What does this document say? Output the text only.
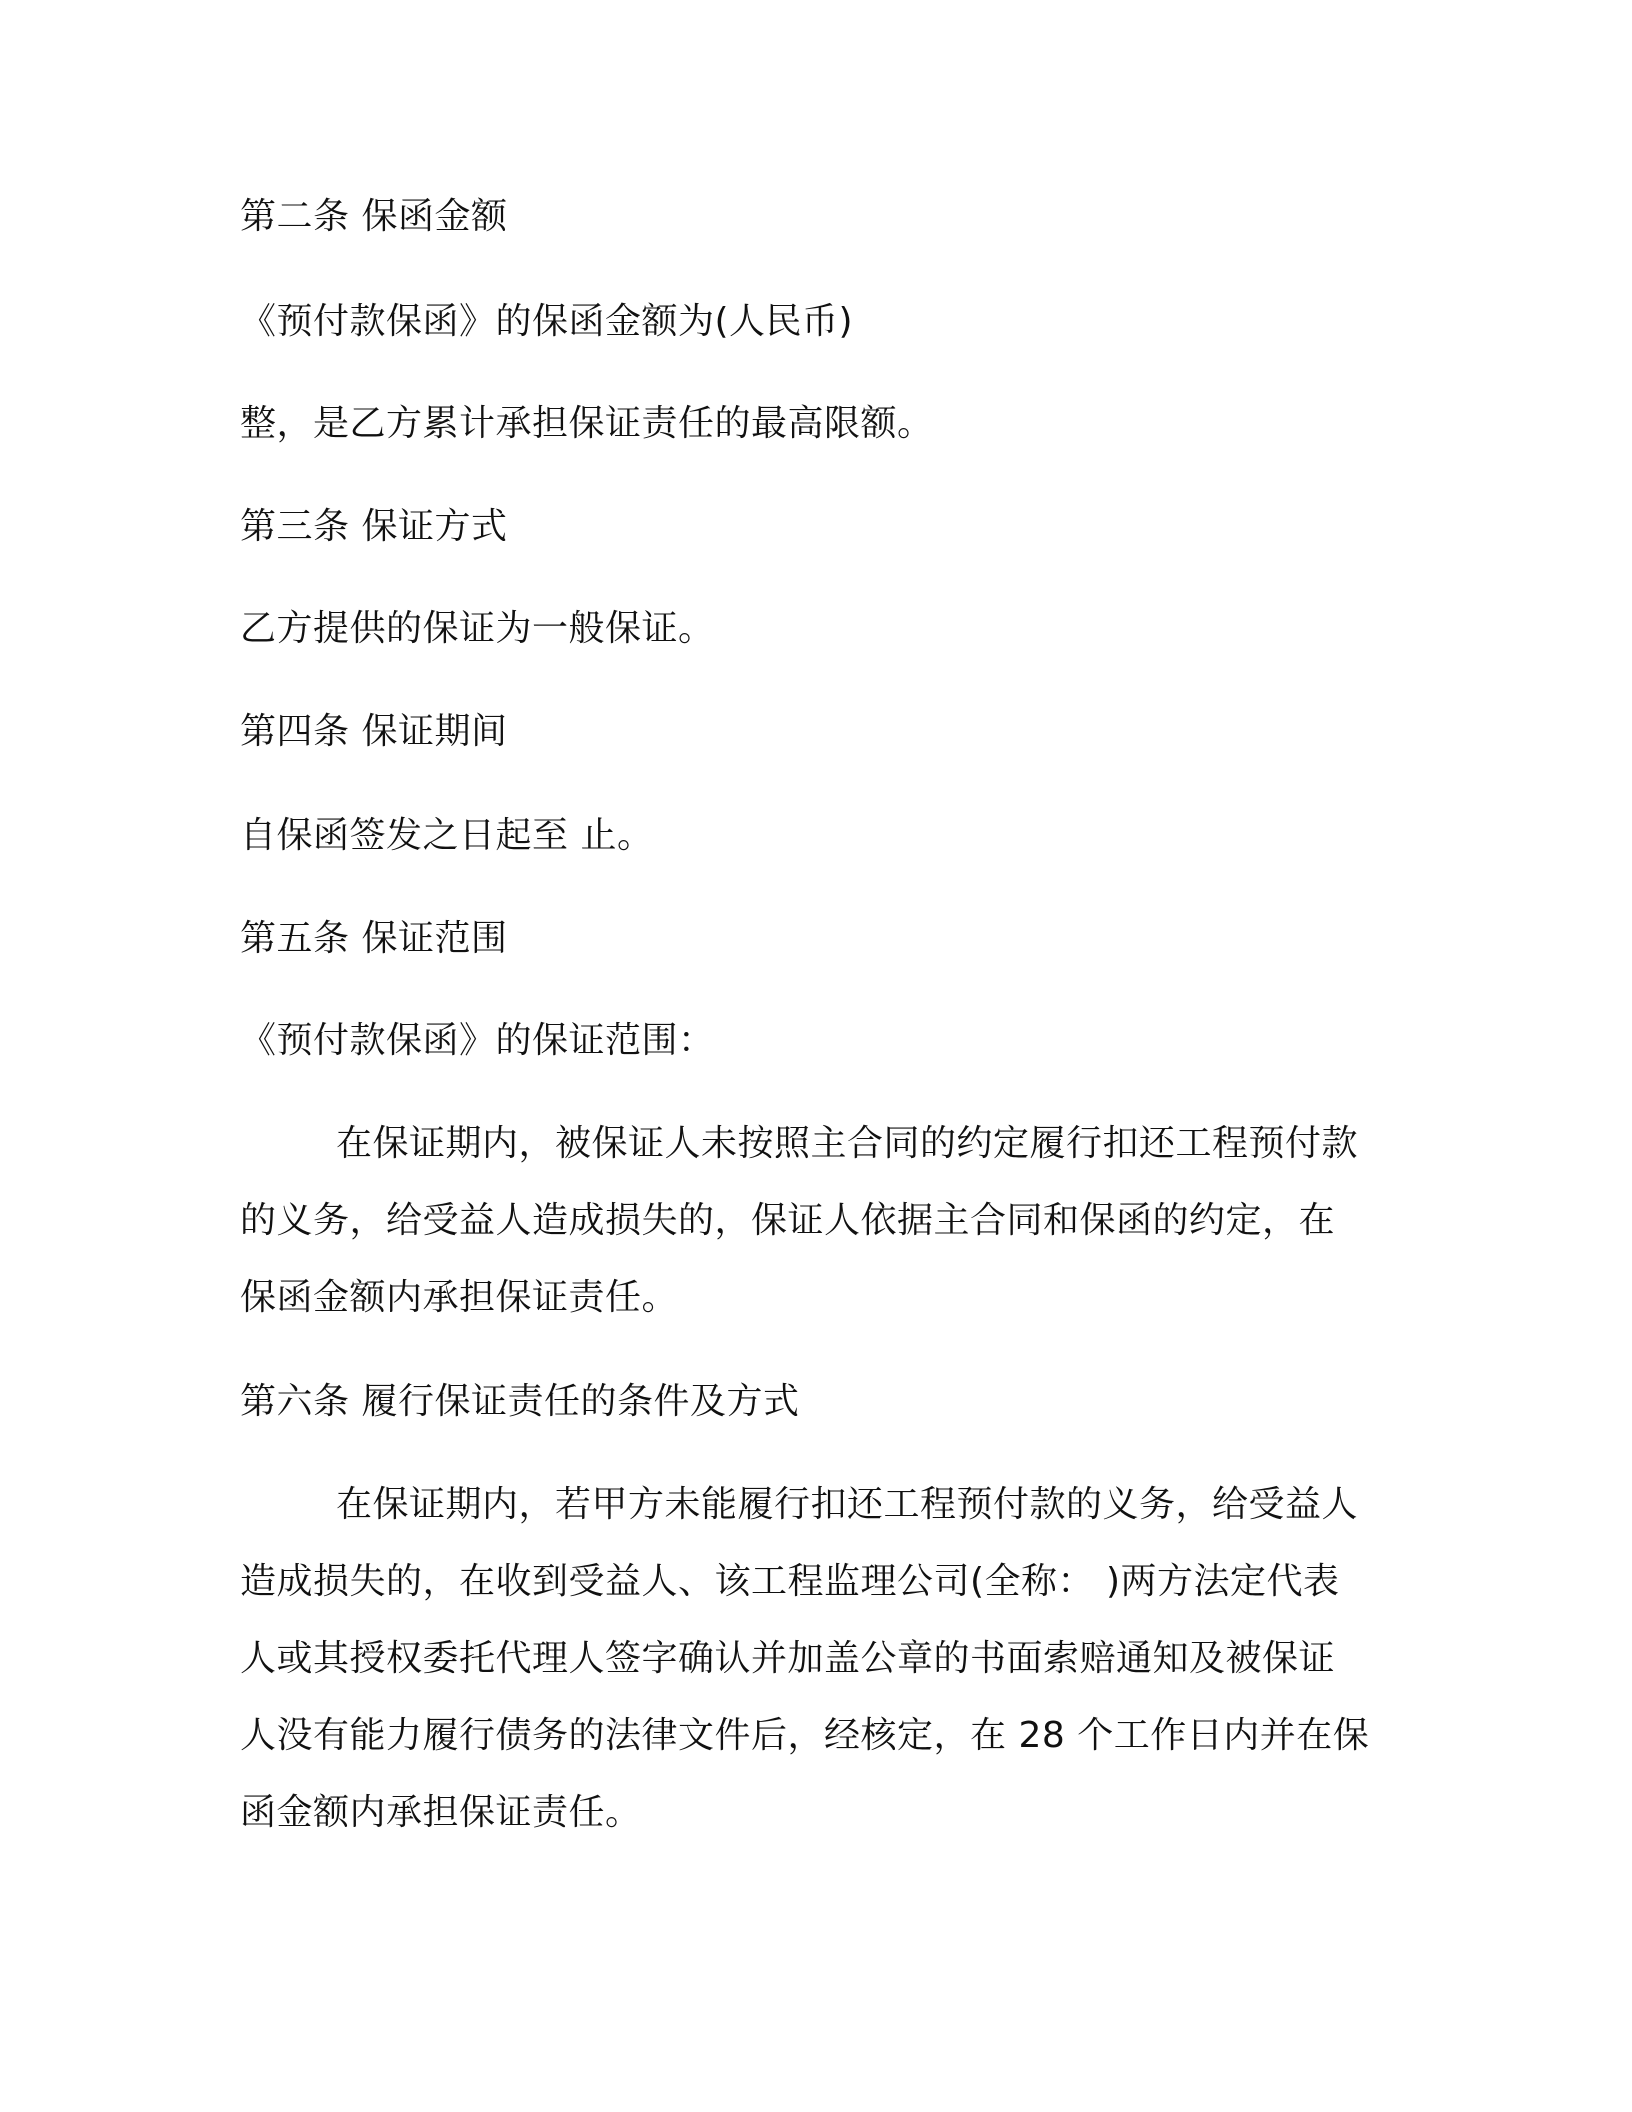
第二条 保函金额
《预付款保函》的保函金额为(人民币)
整，是乙方累计承担保证责任的最高限额。
第三条 保证方式
乙方提供的保证为一般保证。
第四条 保证期间
自保函签发之日起至 止。
第五条 保证范围
《预付款保函》的保证范围：
在保证期内，被保证人未按照主合同的约定履行扣还工程预付款
的义务，给受益人造成损失的，保证人依据主合同和保函的约定，在
保函金额内承担保证责任。
第六条 履行保证责任的条件及方式
在保证期内，若甲方未能履行扣还工程预付款的义务，给受益人
造成损失的，在收到受益人、该工程监理公司(全称： )两方法定代表
人或其授权委托代理人签字确认并加盖公章的书面索赔通知及被保证
人没有能力履行债务的法律文件后，经核定，在 28 个工作日内并在保
函金额内承担保证责任。
